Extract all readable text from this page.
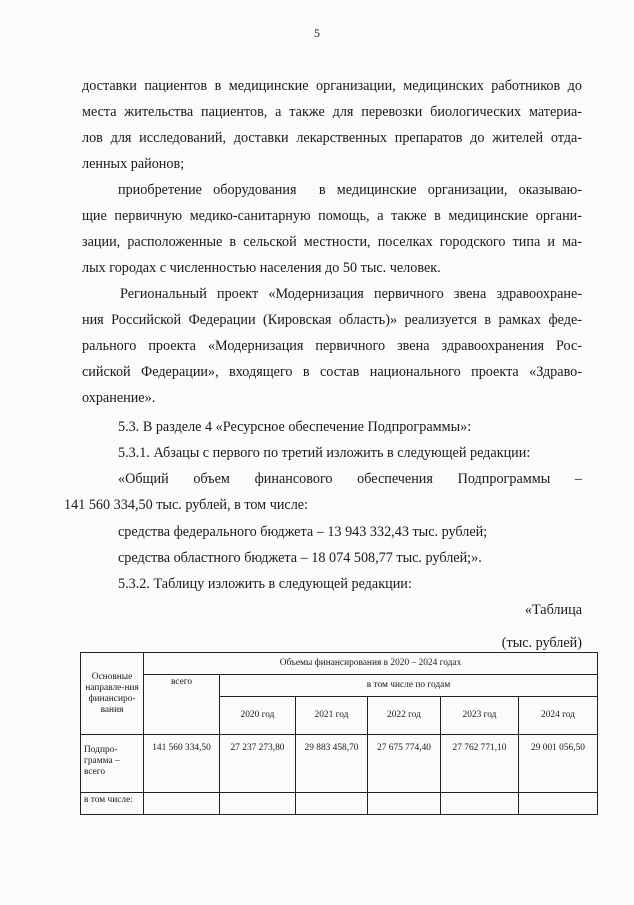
5
доставки пациентов в медицинские организации, медицинских работников до
места жительства пациентов, а также для перевозки биологических материа-
лов для исследований, доставки лекарственных препаратов до жителей отда-
ленных районов;
приобретение оборудования  в медицинские организации, оказываю-
щие первичную медико-санитарную помощь, а также в медицинские органи-
зации, расположенные в сельской местности, поселках городского типа и ма-
лых городах с численностью населения до 50 тыс. человек.
Региональный проект «Модернизация первичного звена здравоохране-
ния Российской Федерации (Кировская область)» реализуется в рамках феде-
рального проекта «Модернизация первичного звена здравоохранения Рос-
сийской Федерации», входящего в состав национального проекта «Здраво-
охранение».
5.3. В разделе 4 «Ресурсное обеспечение Подпрограммы»:
5.3.1. Абзацы с первого по третий изложить в следующей редакции:
«Общий    объем    финансового    обеспечения    Подпрограммы    –
141 560 334,50 тыс. рублей, в том числе:
средства федерального бюджета – 13 943 332,43 тыс. рублей;
средства областного бюджета – 18 074 508,77 тыс. рублей;».
5.3.2. Таблицу изложить в следующей редакции:
«Таблица
(тыс. рублей)
Основные направле-ния финансиро-вания	Объемы финансирования в 2020 – 2024 годах					
	всего	в том числе по годам				
		2020 год	2021 год	2022 год	2023 год	2024 год
Подпро-грамма – всего	141 560 334,50	27 237 273,80	29 883 458,70	27 675 774,40	27 762 771,10	29 001 056,50
в том числе:						
